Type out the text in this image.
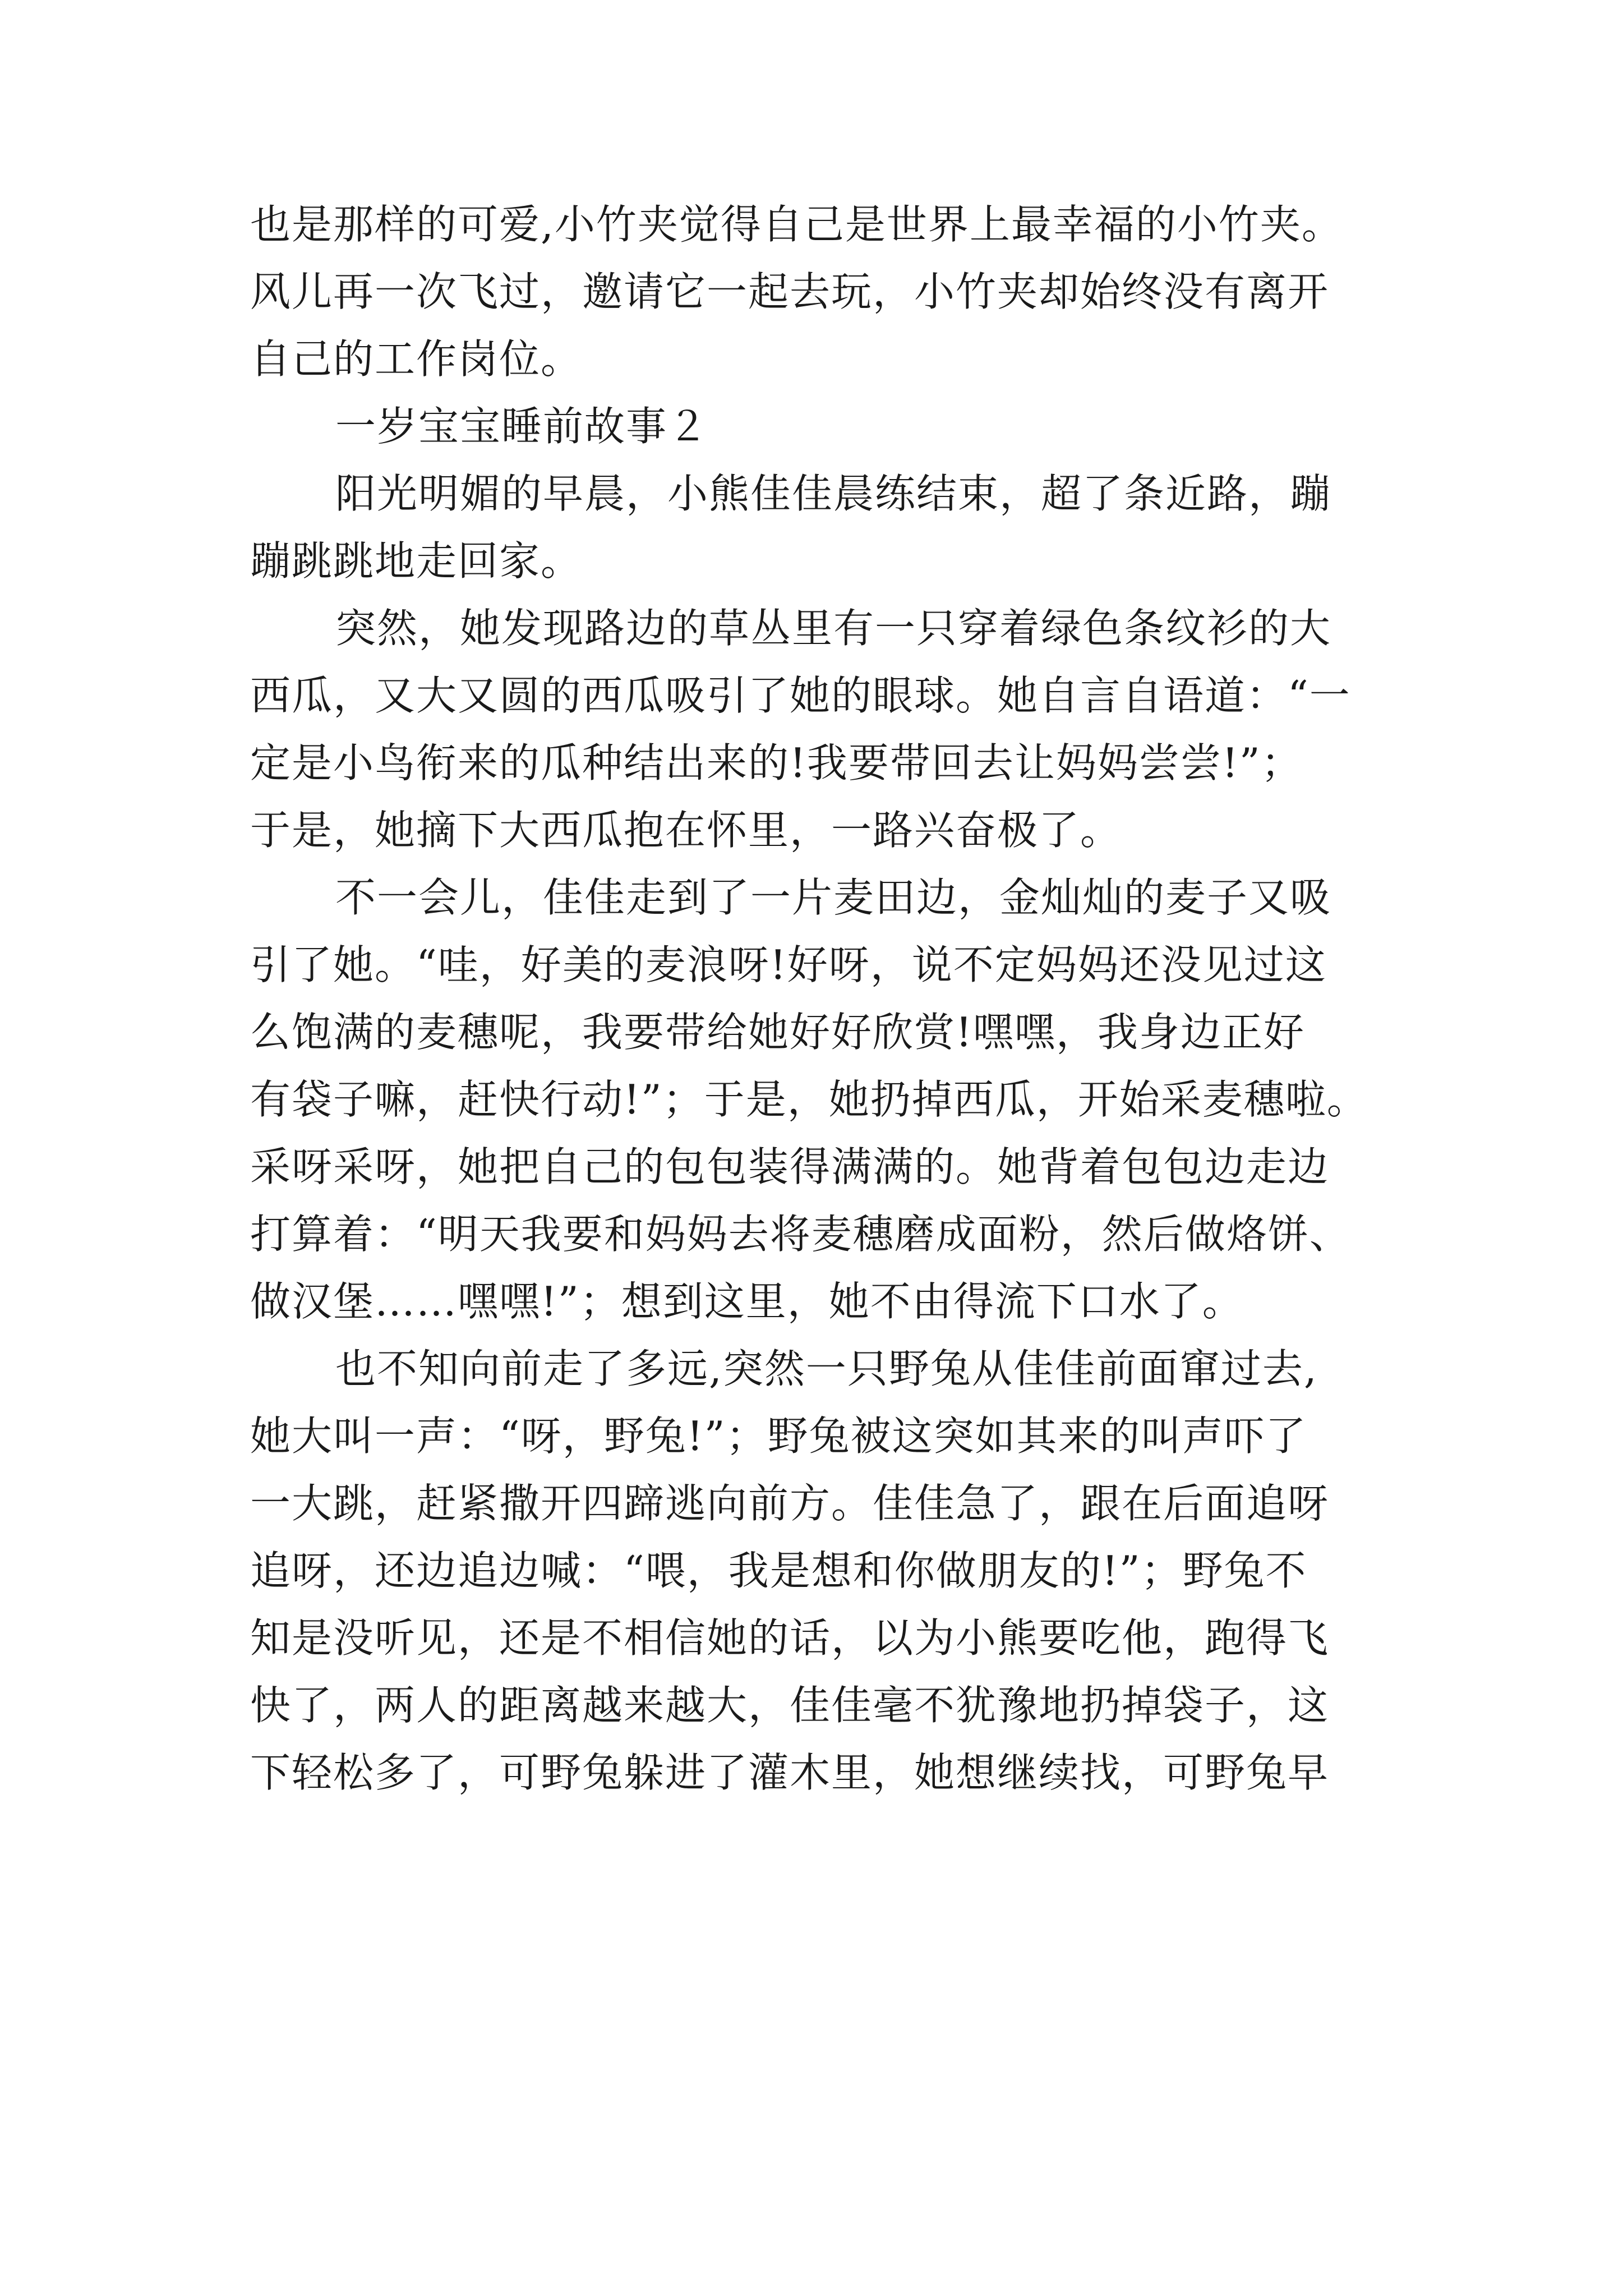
也是那样的可爱,小竹夹觉得自己是世界上最幸福的小竹夹。
风儿再一次飞过，邀请它一起去玩，小竹夹却始终没有离开
自己的工作岗位。
一岁宝宝睡前故事２
阳光明媚的早晨，小熊佳佳晨练结束，超了条近路，蹦
蹦跳跳地走回家。
突然，她发现路边的草丛里有一只穿着绿色条纹衫的大
西瓜，又大又圆的西瓜吸引了她的眼球。她自言自语道：“一
定是小鸟衔来的瓜种结出来的!我要带回去让妈妈尝尝!”；
于是，她摘下大西瓜抱在怀里，一路兴奋极了。
不一会儿，佳佳走到了一片麦田边，金灿灿的麦子又吸
引了她。“哇，好美的麦浪呀!好呀，说不定妈妈还没见过这
么饱满的麦穗呢，我要带给她好好欣赏!嘿嘿，我身边正好
有袋子嘛，赶快行动!”；于是，她扔掉西瓜，开始采麦穗啦。
采呀采呀，她把自己的包包装得满满的。她背着包包边走边
打算着：“明天我要和妈妈去将麦穗磨成面粉，然后做烙饼、
做汉堡……嘿嘿!”；想到这里，她不由得流下口水了。
也不知向前走了多远,突然一只野兔从佳佳前面窜过去,
她大叫一声：“呀，野兔!”；野兔被这突如其来的叫声吓了
一大跳，赶紧撒开四蹄逃向前方。佳佳急了，跟在后面追呀
追呀，还边追边喊：“喂，我是想和你做朋友的!”；野兔不
知是没听见，还是不相信她的话，以为小熊要吃他，跑得飞
快了，两人的距离越来越大，佳佳毫不犹豫地扔掉袋子，这
下轻松多了，可野兔躲进了灌木里，她想继续找，可野兔早
